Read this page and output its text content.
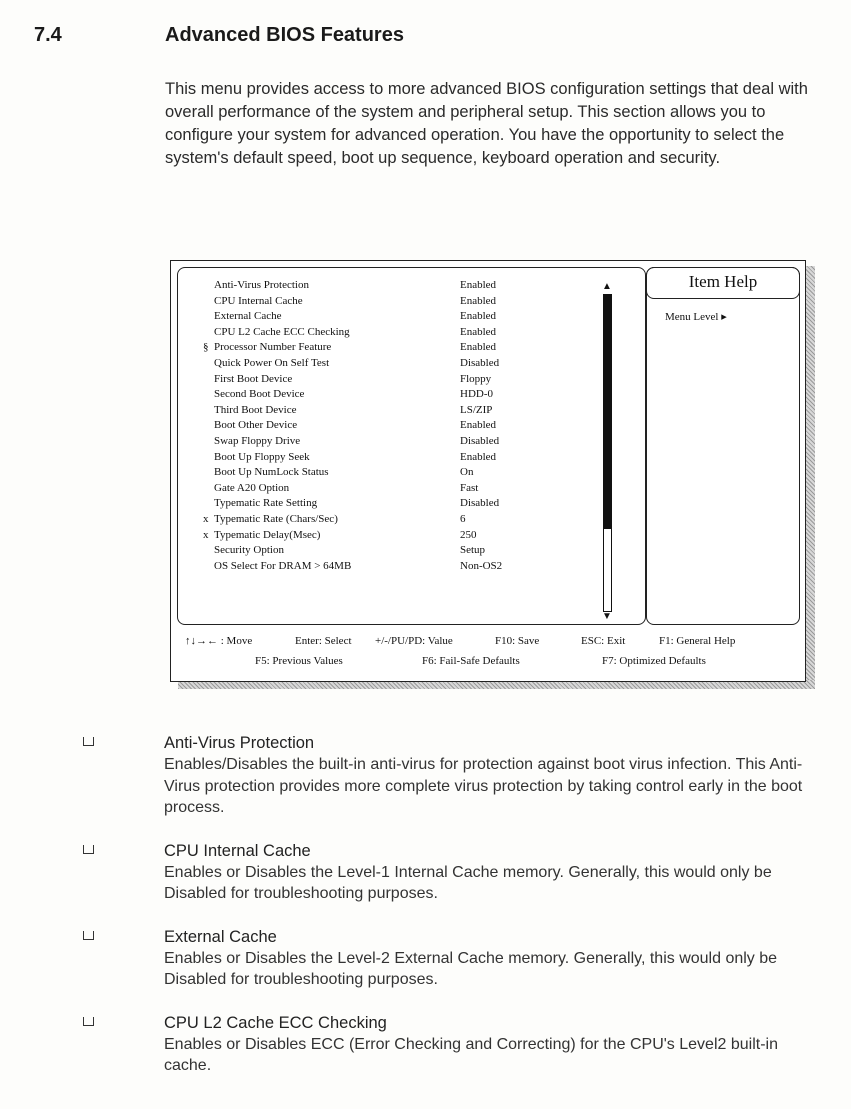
7.4	Advanced BIOS Features

This menu provides access to more advanced BIOS configuration settings that deal with overall performance of the system and peripheral setup. This section allows you to configure your system for advanced operation. You have the opportunity to select the system's default speed, boot up sequence, keyboard operation and security.

Anti-Virus Protection	Enabled
CPU Internal Cache	Enabled
External Cache	Enabled
CPU L2 Cache ECC Checking	Enabled
§ Processor Number Feature	Enabled
Quick Power On Self Test	Disabled
First Boot Device	Floppy
Second Boot Device	HDD-0
Third Boot Device	LS/ZIP
Boot Other Device	Enabled
Swap Floppy Drive	Disabled
Boot Up Floppy Seek	Enabled
Boot Up NumLock Status	On
Gate A20 Option	Fast
Typematic Rate Setting	Disabled
x Typematic Rate (Chars/Sec)	6
x Typematic Delay(Msec)	250
Security Option	Setup
OS Select For DRAM > 64MB	Non-OS2
▲
▼
Item Help
Menu Level ▸
↑↓→← : Move	Enter: Select +/-/PU/PD: Value	F10: Save	ESC: Exit	F1: General Help
F5: Previous Values	F6: Fail-Safe Defaults	F7: Optimized Defaults

Anti-Virus Protection

Enables/Disables the built-in anti-virus for protection against boot virus infection. This Anti-Virus protection provides more complete virus protection by taking control early in the boot process.

CPU Internal Cache

Enables or Disables the Level-1 Internal Cache memory. Generally, this would only be Disabled for troubleshooting purposes.

External Cache

Enables or Disables the Level-2 External Cache memory. Generally, this would only be Disabled for troubleshooting purposes.

CPU L2 Cache ECC Checking

Enables or Disables ECC (Error Checking and Correcting) for the CPU's Level2 built-in cache.
